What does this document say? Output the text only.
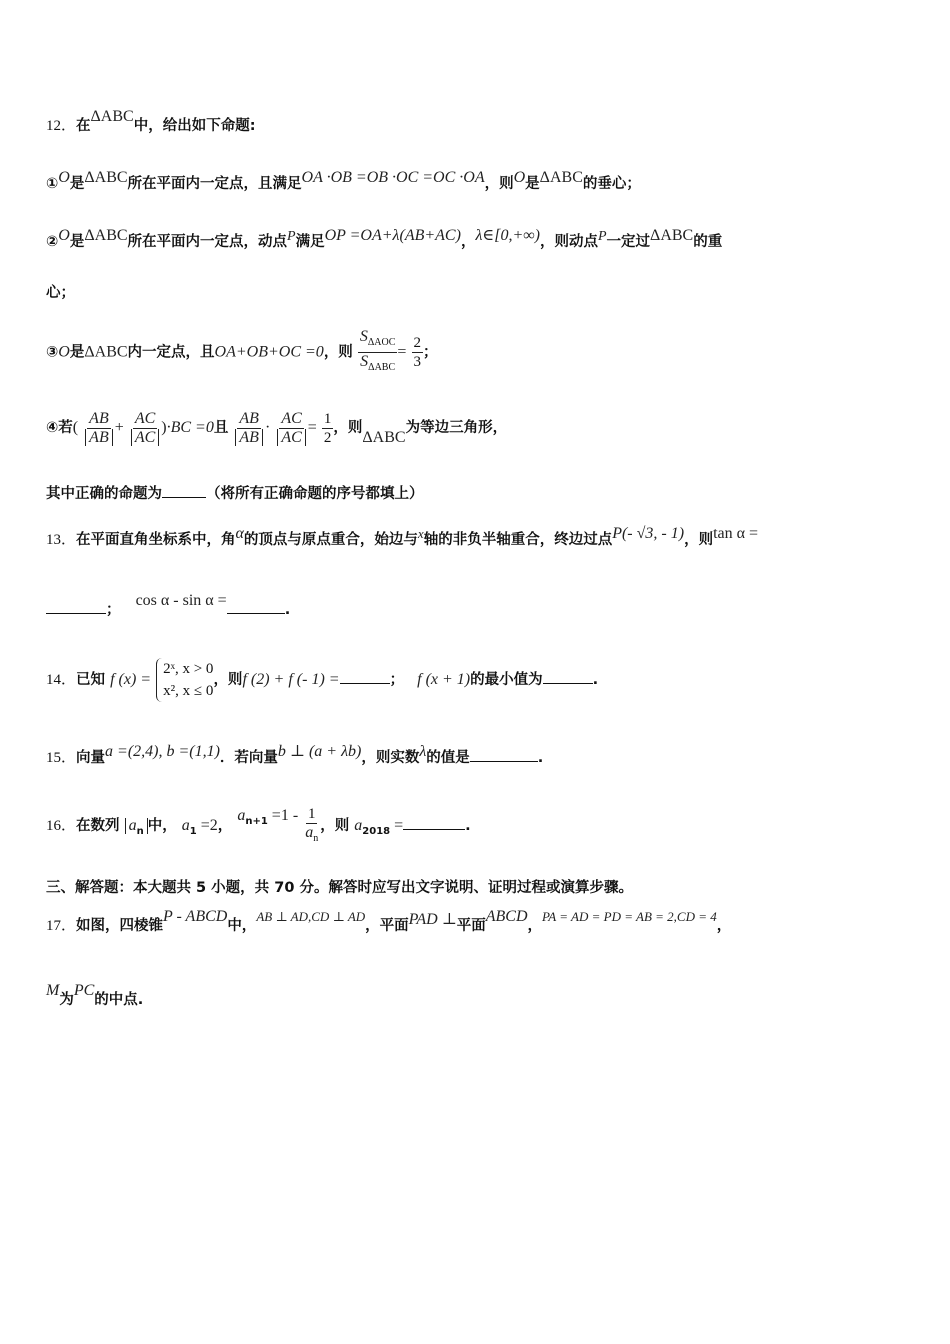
12．在ΔABC中，给出如下命题:
①O是ΔABC所在平面内一定点，且满足OA ·OB =OB ·OC =OC ·OA，则O是ΔABC的垂心；
②O是ΔABC所在平面内一定点，动点P满足OP =OA+λ(AB+AC)，λ∈[0,+∞)，则动点P一定过ΔABC的重
心；
③O是ΔABC内一定点，且OA+OB+OC =0，则 $\frac{S_{\Delta AOC}}{S_{\Delta ABC}} = \frac{2}{3}$ ；
④若( $\frac{AB}{AB} + \frac{AC}{AC} )\cdot BC =0$且 $\frac{AB}{AB} \cdot \frac{AC}{AC} = \frac{1}{2}$ ，则ΔABC为等边三角形，
其中正确的命题为	（将所有正确命题的序号都填上）
13．在平面直角坐标系中，角α的顶点与原点重合，始边与x轴的非负半轴重合，终边过点P(- √3, - 1)，则tan α =
； cos α - sin α =.
14．已知 f (x) =
2ˣ, x > 0
x², x ≤ 0
，则f (2) + f (- 1) =	； f (x + 1)的最小值为	.
15．向量a =(2,4), b =(1,1)．若向量b ⊥ (a + λb)，则实数λ的值是	.
16．在数列 $a_n$ 中， $a_1 =2$， $a_{n+1} =1 - \frac{1}{a_n}$ ，则 $a_{2018}$ =	.
三、解答题：本大题共 5 小题，共 70 分。解答时应写出文字说明、证明过程或演算步骤。
17．如图，四棱锥P - ABCD中，AB ⊥ AD,CD ⊥ AD，平面PAD ⊥平面ABCD，PA = AD = PD = AB = 2,CD = 4，
M为PC的中点.
